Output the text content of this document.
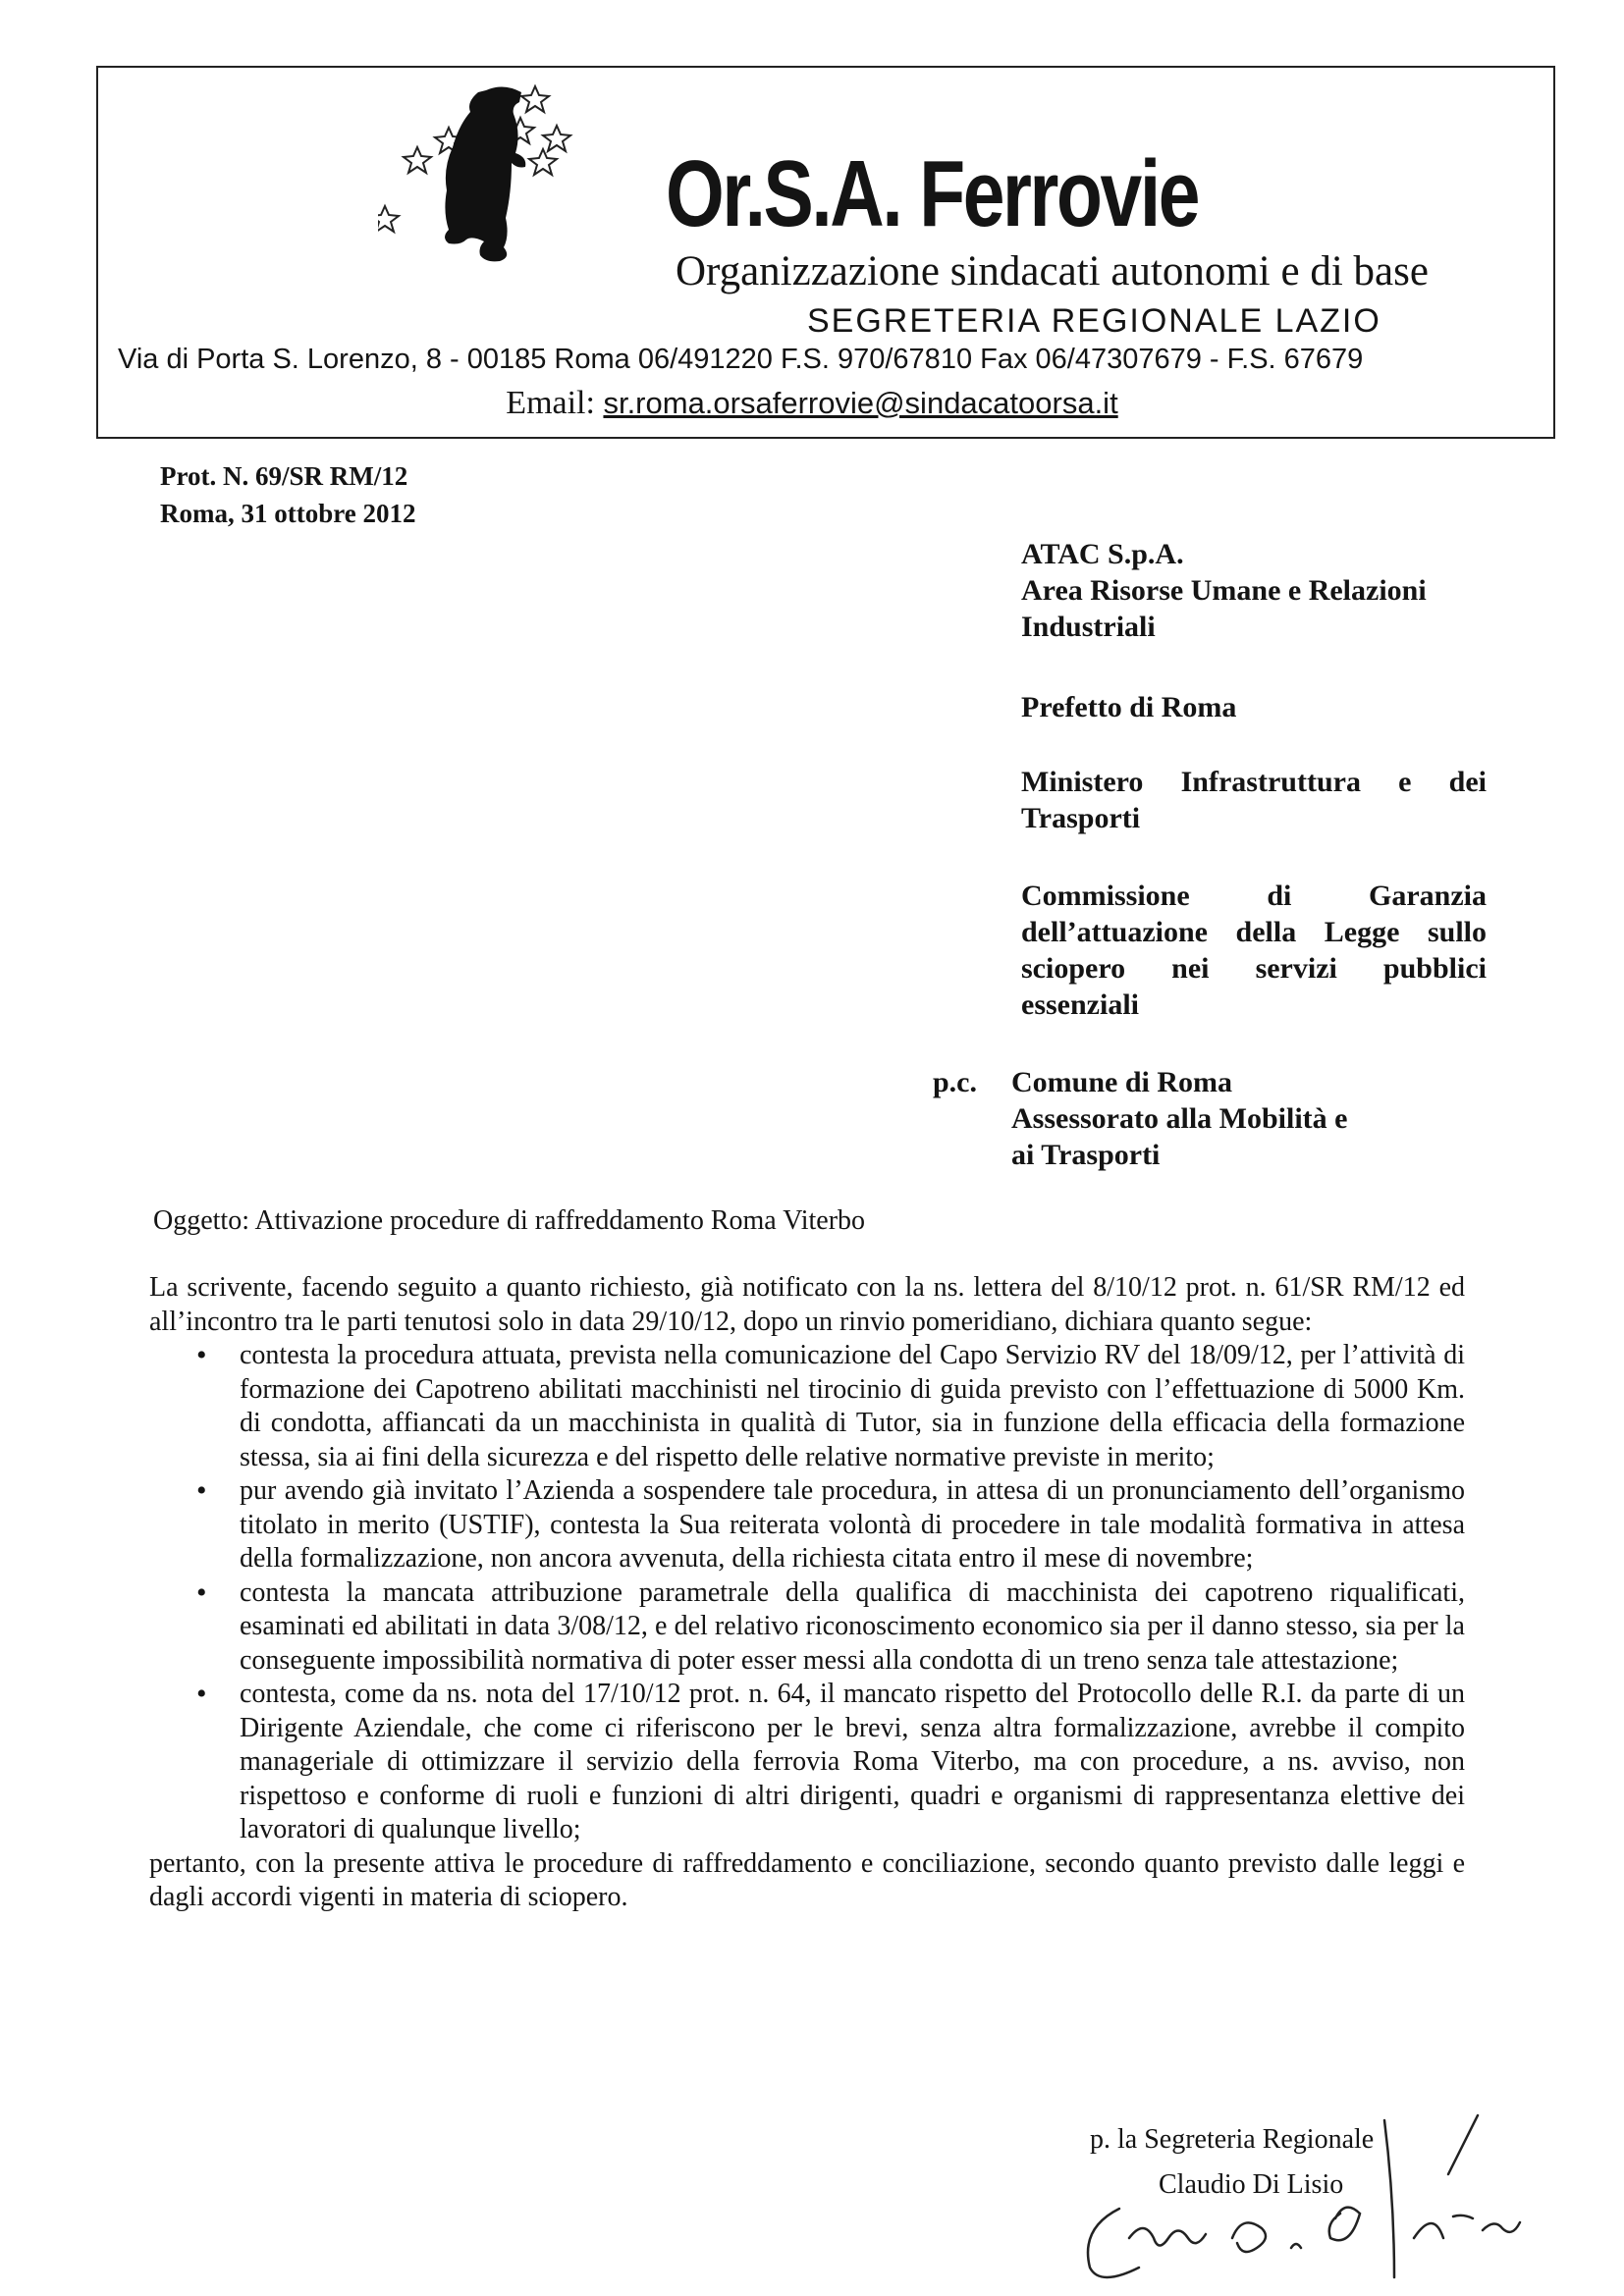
Or.S.A. Ferrovie
Organizzazione sindacati autonomi e di base
SEGRETERIA REGIONALE LAZIO
Via di Porta S. Lorenzo, 8 - 00185 Roma 06/491220 F.S. 970/67810 Fax 06/47307679 - F.S. 67679
Email: sr.roma.orsaferrovie@sindacatoorsa.it
Prot. N. 69/SR RM/12
Roma, 31 ottobre 2012
ATAC S.p.A.
Area Risorse Umane e Relazioni
Industriali
Prefetto di Roma
Ministero Infrastruttura e dei
Trasporti
Commissione di Garanzia
dell’attuazione della Legge sullo
sciopero nei servizi pubblici
essenziali
p.c. Comune di Roma
Assessorato alla Mobilità e
ai Trasporti
Oggetto: Attivazione procedure di raffreddamento Roma Viterbo

La scrivente, facendo seguito a quanto richiesto, già notificato con la ns. lettera del 8/10/12 prot. n. 61/SR RM/12 ed all’incontro tra le parti tenutosi solo in data 29/10/12, dopo un rinvio pomeridiano, dichiara quanto segue:

• contesta la procedura attuata, prevista nella comunicazione del Capo Servizio RV del 18/09/12, per l’attività di formazione dei Capotreno abilitati macchinisti nel tirocinio di guida previsto con l’effettuazione di 5000 Km. di condotta, affiancati da un macchinista in qualità di Tutor, sia in funzione della efficacia della formazione stessa, sia ai fini della sicurezza e del rispetto delle relative normative previste in merito;
• pur avendo già invitato l’Azienda a sospendere tale procedura, in attesa di un pronunciamento dell’organismo titolato in merito (USTIF), contesta la Sua reiterata volontà di procedere in tale modalità formativa in attesa della formalizzazione, non ancora avvenuta, della richiesta citata entro il mese di novembre;
• contesta la mancata attribuzione parametrale della qualifica di macchinista dei capotreno riqualificati, esaminati ed abilitati in data 3/08/12, e del relativo riconoscimento economico sia per il danno stesso, sia per la conseguente impossibilità normativa di poter esser messi alla condotta di un treno senza tale attestazione;
• contesta, come da ns. nota del 17/10/12 prot. n. 64, il mancato rispetto del Protocollo delle R.I. da parte di un Dirigente Aziendale, che come ci riferiscono per le brevi, senza altra formalizzazione, avrebbe il compito manageriale di ottimizzare il servizio della ferrovia Roma Viterbo, ma con procedure, a ns. avviso, non rispettoso e conforme di ruoli e funzioni di altri dirigenti, quadri e organismi di rappresentanza elettive dei lavoratori di qualunque livello;

pertanto, con la presente attiva le procedure di raffreddamento e conciliazione, secondo quanto previsto dalle leggi e dagli accordi vigenti in materia di sciopero.

p. la Segreteria Regionale
Claudio Di Lisio
